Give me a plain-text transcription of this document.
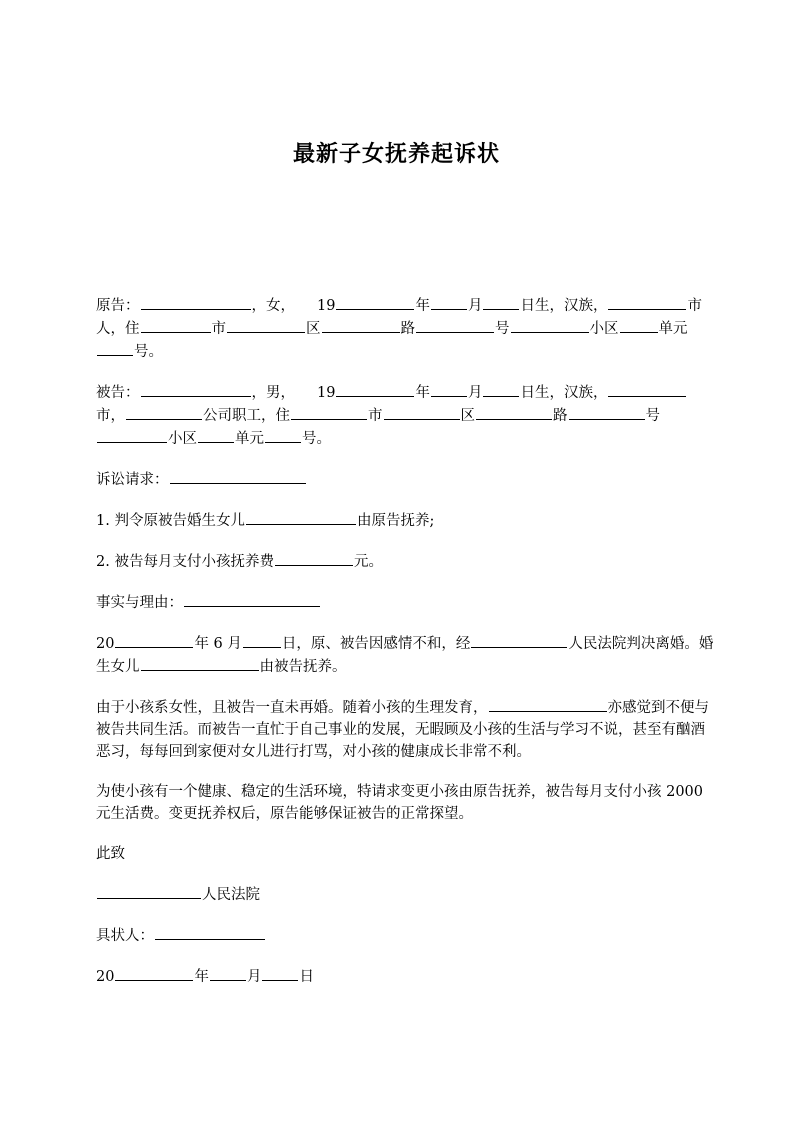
最新子女抚养起诉状

原告：	，女， 19	年	月	日生，汉族，	市人，住	市	区	路	号	小区	单元号。

被告：	，男， 19	年	月	日生，汉族，市，	公司职工，住	市	区	路	号小区	单元	号。

诉讼请求：

1. 判令原被告婚生女儿	由原告抚养;

2. 被告每月支付小孩抚养费	元。

事实与理由：

20	年 6 月	日，原、被告因感情不和，经	人民法院判决离婚。婚生女儿	由被告抚养。

由于小孩系女性，且被告一直未再婚。随着小孩的生理发育，	亦感觉到不便与被告共同生活。而被告一直忙于自己事业的发展，无暇顾及小孩的生活与学习不说，甚至有酗酒恶习，每每回到家便对女儿进行打骂，对小孩的健康成长非常不利。

为使小孩有一个健康、稳定的生活环境，特请求变更小孩由原告抚养，被告每月支付小孩 2000 元生活费。变更抚养权后，原告能够保证被告的正常探望。

此致

人民法院

具状人：

20	年	月	日
